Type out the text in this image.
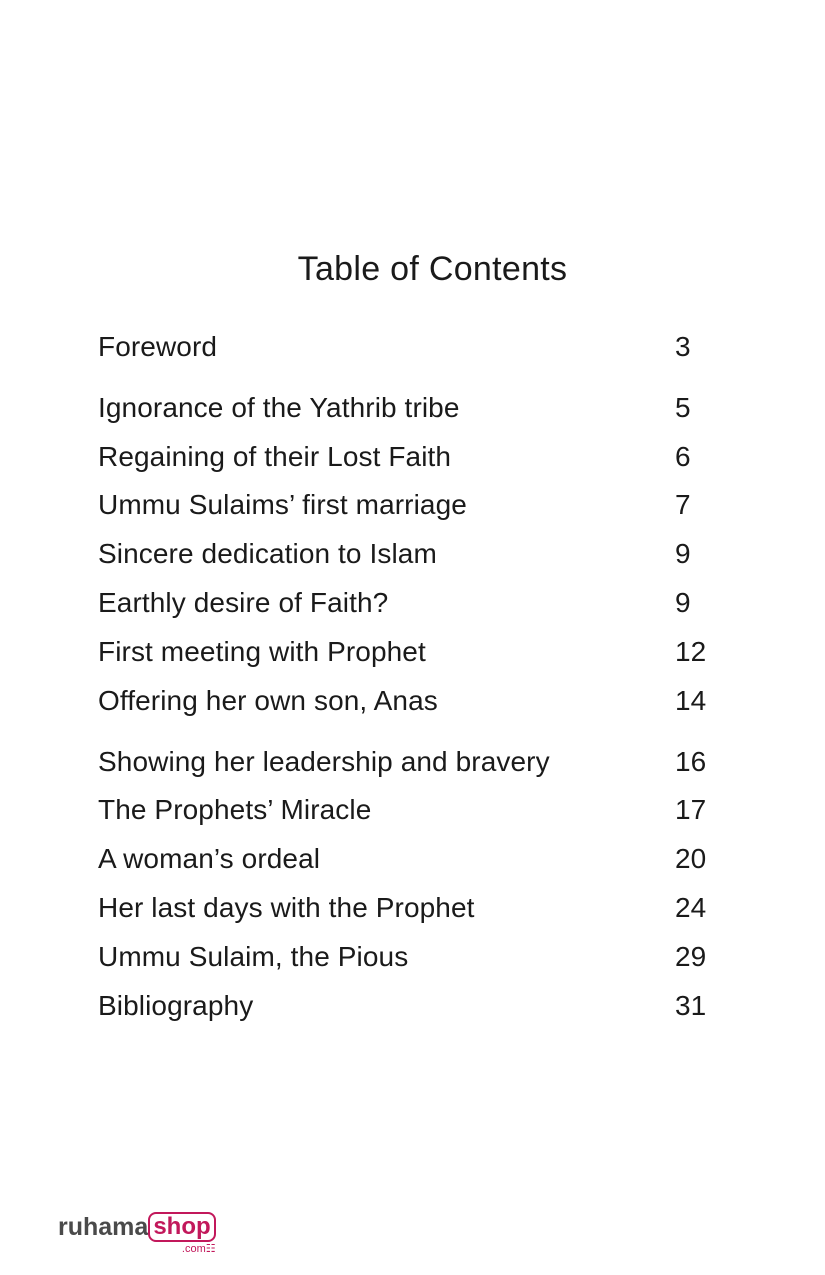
Table of Contents
Foreword	3
Ignorance of the Yathrib tribe	5
Regaining of their Lost Faith	6
Ummu Sulaims’ first marriage	7
Sincere dedication to Islam	9
Earthly desire of Faith?	9
First meeting with Prophet	12
Offering her own son, Anas	14
Showing her leadership and bravery	16
The Prophets’ Miracle	17
A woman’s ordeal	20
Her last days with the Prophet	24
Ummu Sulaim, the Pious	29
Bibliography	31
ruhama shop
.com☷
